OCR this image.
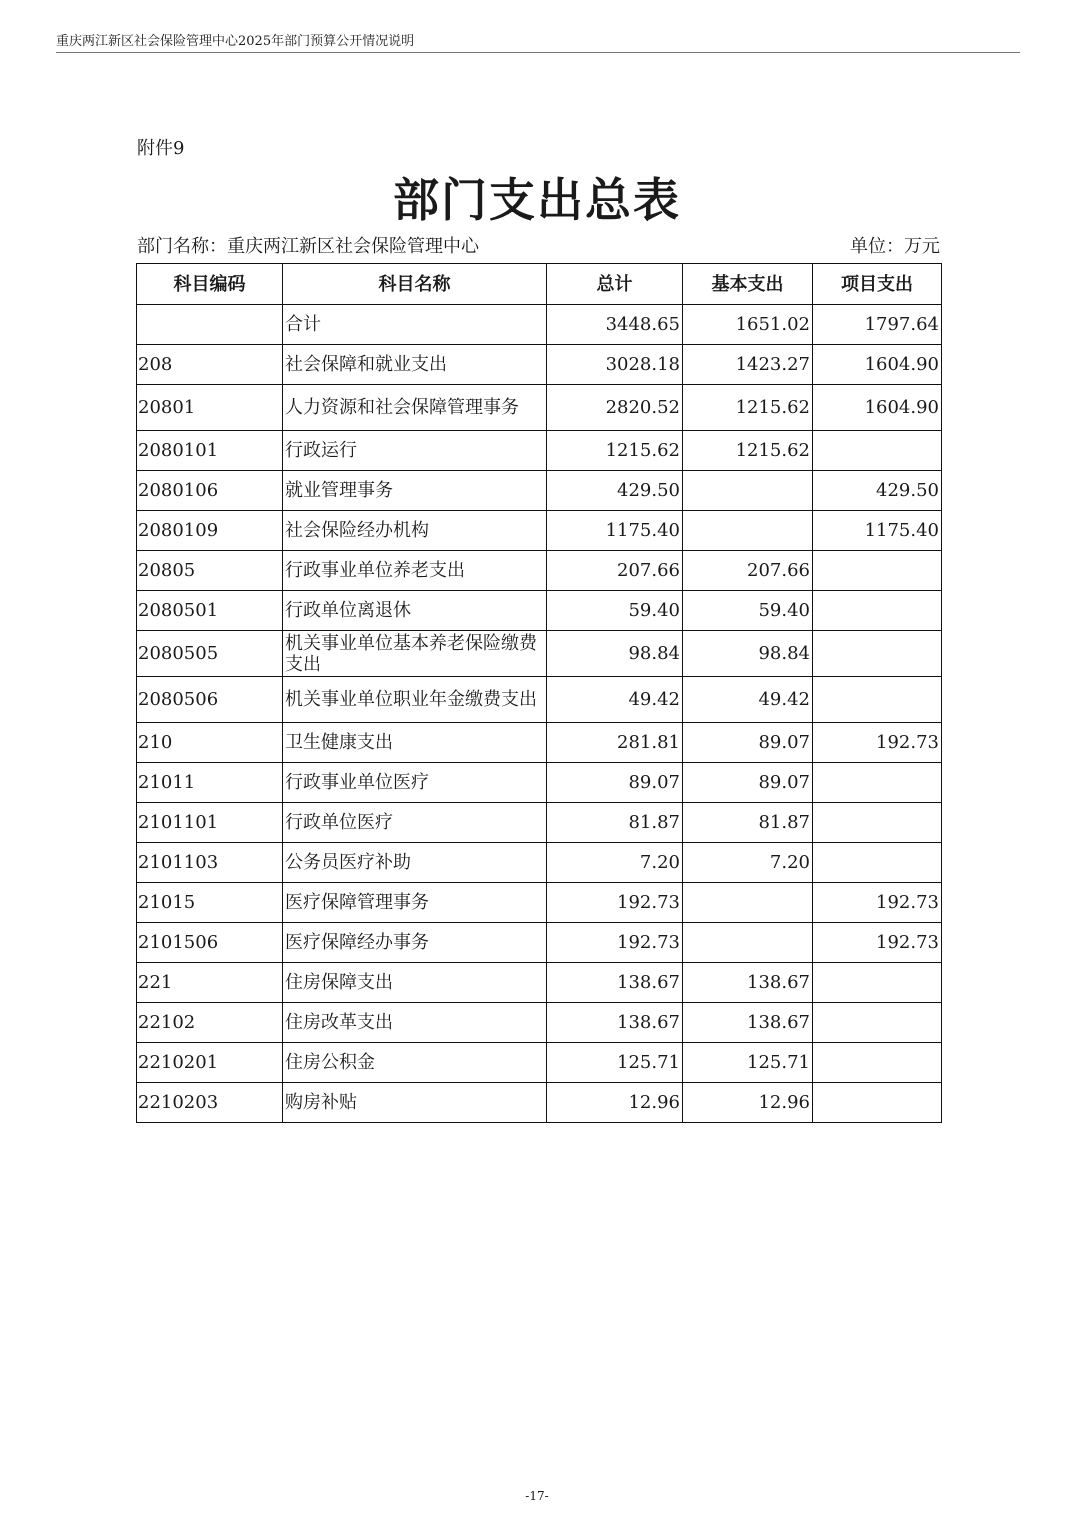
重庆两江新区社会保险管理中心2025年部门预算公开情况说明
附件9
部门支出总表
部门名称：重庆两江新区社会保险管理中心	单位：万元
科目编码	科目名称	总计	基本支出	项目支出
	合计	3448.65	1651.02	1797.64
208	社会保障和就业支出	3028.18	1423.27	1604.90
20801	人力资源和社会保障管理事务	2820.52	1215.62	1604.90
2080101	行政运行	1215.62	1215.62	
2080106	就业管理事务	429.50		429.50
2080109	社会保险经办机构	1175.40		1175.40
20805	行政事业单位养老支出	207.66	207.66	
2080501	行政单位离退休	59.40	59.40	
2080505	机关事业单位基本养老保险缴费支出	98.84	98.84	
2080506	机关事业单位职业年金缴费支出	49.42	49.42	
210	卫生健康支出	281.81	89.07	192.73
21011	行政事业单位医疗	89.07	89.07	
2101101	行政单位医疗	81.87	81.87	
2101103	公务员医疗补助	7.20	7.20	
21015	医疗保障管理事务	192.73		192.73
2101506	医疗保障经办事务	192.73		192.73
221	住房保障支出	138.67	138.67	
22102	住房改革支出	138.67	138.67	
2210201	住房公积金	125.71	125.71	
2210203	购房补贴	12.96	12.96	
-17-
